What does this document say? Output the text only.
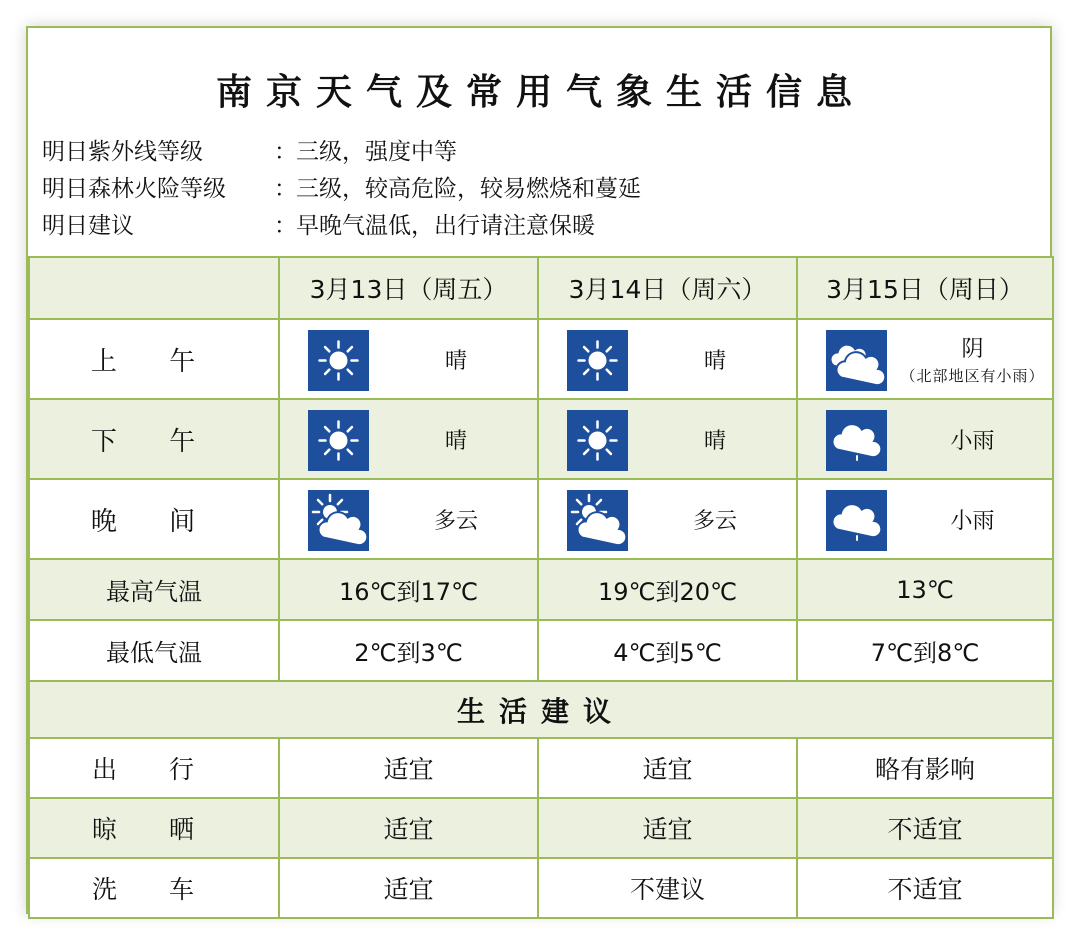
南京天气及常用气象生活信息
明日紫外线等级	：三级，强度中等
明日森林火险等级 ：三级，较高危险，较易燃烧和蔓延
明日建议	：早晚气温低，出行请注意保暖
	3月13日（周五）	3月14日（周六）	3月15日（周日）
上 午	晴	晴	阴
（北部地区有小雨）

下 午	晴	晴	小雨

晚 间	多云	多云	小雨

最高气温	16℃到17℃	19℃到20℃	13℃
最低气温	2℃到3℃	4℃到5℃	7℃到8℃
生活建议			
出 行	适宜	适宜	略有影响
晾 晒	适宜	适宜	不适宜
洗 车	适宜	不建议	不适宜
